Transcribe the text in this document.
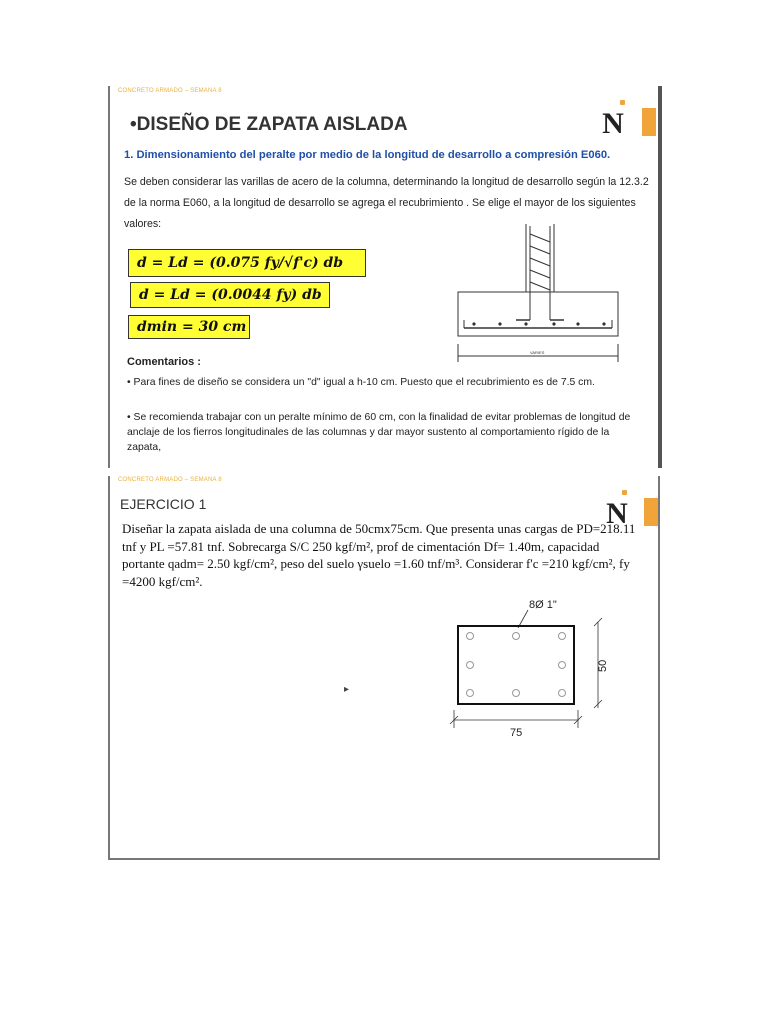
CONCRETO ARMADO – SEMANA 8
N
•DISEÑO DE ZAPATA AISLADA
1. Dimensionamiento del peralte por medio de la longitud de desarrollo a compresión E060.
Se deben considerar las varillas de acero de la columna, determinando la longitud de desarrollo según la 12.3.2 de la norma E060, a la longitud de desarrollo se agrega el recubrimiento . Se elige el mayor de los siguientes valores:
d = Ld = (0.075 fy/√f'c) db
d = Ld = (0.0044 fy) db
dmin = 30 cm
VARIES
Comentarios :
• Para fines de diseño se considera un "d" igual a h-10 cm. Puesto que el recubrimiento es de 7.5 cm.
• Se recomienda trabajar con un peralte mínimo de 60 cm, con la finalidad de evitar problemas de longitud de anclaje de los fierros longitudinales de las columnas y dar mayor sustento al comportamiento rígido de la zapata,
CONCRETO ARMADO – SEMANA 8
N
EJERCICIO 1
Diseñar la zapata aislada de una columna de 50cmx75cm. Que presenta unas cargas de PD=218.11 tnf y PL =57.81 tnf. Sobrecarga S/C 250 kgf/m², prof de cimentación Df= 1.40m, capacidad portante qadm= 2.50 kgf/cm², peso del suelo γsuelo =1.60 tnf/m³. Considerar f'c =210 kgf/cm², fy =4200 kgf/cm².
8Ø 1"
50
75
▸
